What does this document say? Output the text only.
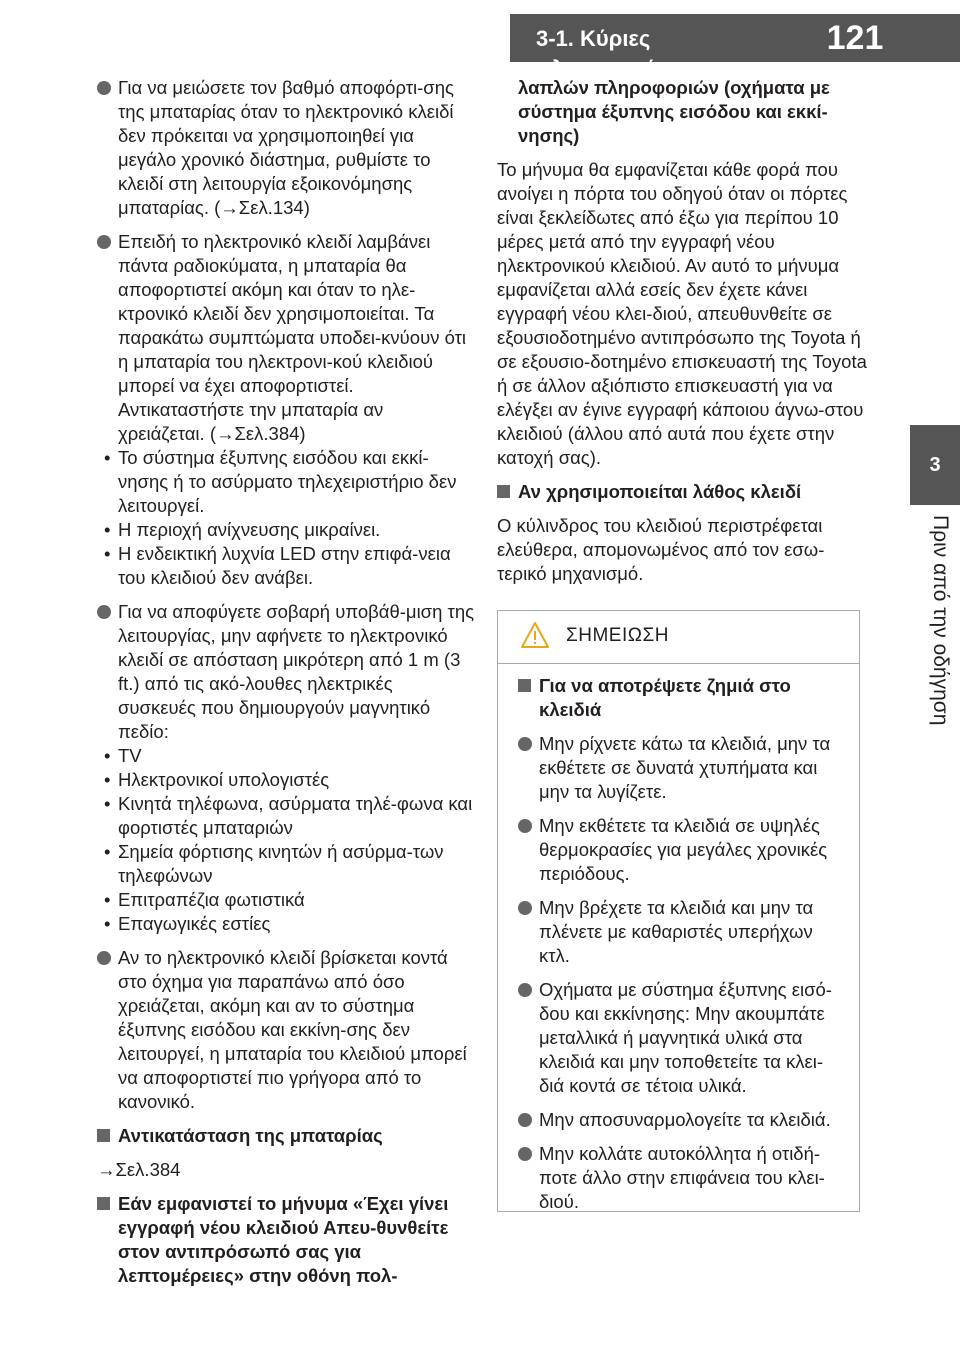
3-1. Κύριες πληροφορίες
121
3
Πριν από την οδήγηση

Για να μειώσετε τον βαθμό αποφόρτι-σης της μπαταρίας όταν το ηλεκτρονικό κλειδί δεν πρόκειται να χρησιμοποιηθεί για μεγάλο χρονικό διάστημα, ρυθμίστε το κλειδί στη λειτουργία εξοικονόμησης μπαταρίας. (→Σελ.134)

Επειδή το ηλεκτρονικό κλειδί λαμβάνει πάντα ραδιοκύματα, η μπαταρία θα αποφορτιστεί ακόμη και όταν το ηλε-κτρονικό κλειδί δεν χρησιμοποιείται. Τα παρακάτω συμπτώματα υποδει-κνύουν ότι η μπαταρία του ηλεκτρονι-κού κλειδιού μπορεί να έχει αποφορτιστεί. Αντικαταστήστε την μπαταρία αν χρειάζεται. (→Σελ.384)

• Το σύστημα έξυπνης εισόδου και εκκί-νησης ή το ασύρματο τηλεχειριστήριο δεν λειτουργεί.

• Η περιοχή ανίχνευσης μικραίνει.

• Η ενδεικτική λυχνία LED στην επιφά-νεια του κλειδιού δεν ανάβει.

Για να αποφύγετε σοβαρή υποβάθ-μιση της λειτουργίας, μην αφήνετε το ηλεκτρονικό κλειδί σε απόσταση μικρότερη από 1 m (3 ft.) από τις ακό-λουθες ηλεκτρικές συσκευές που δημιουργούν μαγνητικό πεδίο:

• TV

• Ηλεκτρονικοί υπολογιστές

• Κινητά τηλέφωνα, ασύρματα τηλέ-φωνα και φορτιστές μπαταριών

• Σημεία φόρτισης κινητών ή ασύρμα-των τηλεφώνων

• Επιτραπέζια φωτιστικά

• Επαγωγικές εστίες

Αν το ηλεκτρονικό κλειδί βρίσκεται κοντά στο όχημα για παραπάνω από όσο χρειάζεται, ακόμη και αν το σύστημα έξυπνης εισόδου και εκκίνη-σης δεν λειτουργεί, η μπαταρία του κλειδιού μπορεί να αποφορτιστεί πιο γρήγορα από το κανονικό.

Αντικατάσταση της μπαταρίας

→Σελ.384

Εάν εμφανιστεί το μήνυμα «Έχει γίνει εγγραφή νέου κλειδιού Απευ-θυνθείτε στον αντιπρόσωπό σας για λεπτομέρειες» στην οθόνη πολ-

λαπλών πληροφοριών (οχήματα με σύστημα έξυπνης εισόδου και εκκί-νησης)

Το μήνυμα θα εμφανίζεται κάθε φορά που ανοίγει η πόρτα του οδηγού όταν οι πόρτες είναι ξεκλείδωτες από έξω για περίπου 10 μέρες μετά από την εγγραφή νέου ηλεκτρονικού κλειδιού. Αν αυτό το μήνυμα εμφανίζεται αλλά εσείς δεν έχετε κάνει εγγραφή νέου κλει-διού, απευθυνθείτε σε εξουσιοδοτημένο αντιπρόσωπο της Toyota ή σε εξουσιο-δοτημένο επισκευαστή της Toyota ή σε άλλον αξιόπιστο επισκευαστή για να ελέγξει αν έγινε εγγραφή κάποιου άγνω-στου κλειδιού (άλλου από αυτά που έχετε στην κατοχή σας).

Αν χρησιμοποιείται λάθος κλειδί

Ο κύλινδρος του κλειδιού περιστρέφεται ελεύθερα, απομονωμένος από τον εσω-τερικό μηχανισμό.

ΣΗΜΕΙΩΣΗ

Για να αποτρέψετε ζημιά στο κλειδιά

Μην ρίχνετε κάτω τα κλειδιά, μην τα εκθέτετε σε δυνατά χτυπήματα και μην τα λυγίζετε.

Μην εκθέτετε τα κλειδιά σε υψηλές θερμοκρασίες για μεγάλες χρονικές περιόδους.

Μην βρέχετε τα κλειδιά και μην τα πλένετε με καθαριστές υπερήχων κτλ.

Οχήματα με σύστημα έξυπνης εισό-δου και εκκίνησης: Μην ακουμπάτε μεταλλικά ή μαγνητικά υλικά στα κλειδιά και μην τοποθετείτε τα κλει-διά κοντά σε τέτοια υλικά.

Μην αποσυναρμολογείτε τα κλειδιά.

Μην κολλάτε αυτοκόλλητα ή οτιδή-ποτε άλλο στην επιφάνεια του κλει-διού.
